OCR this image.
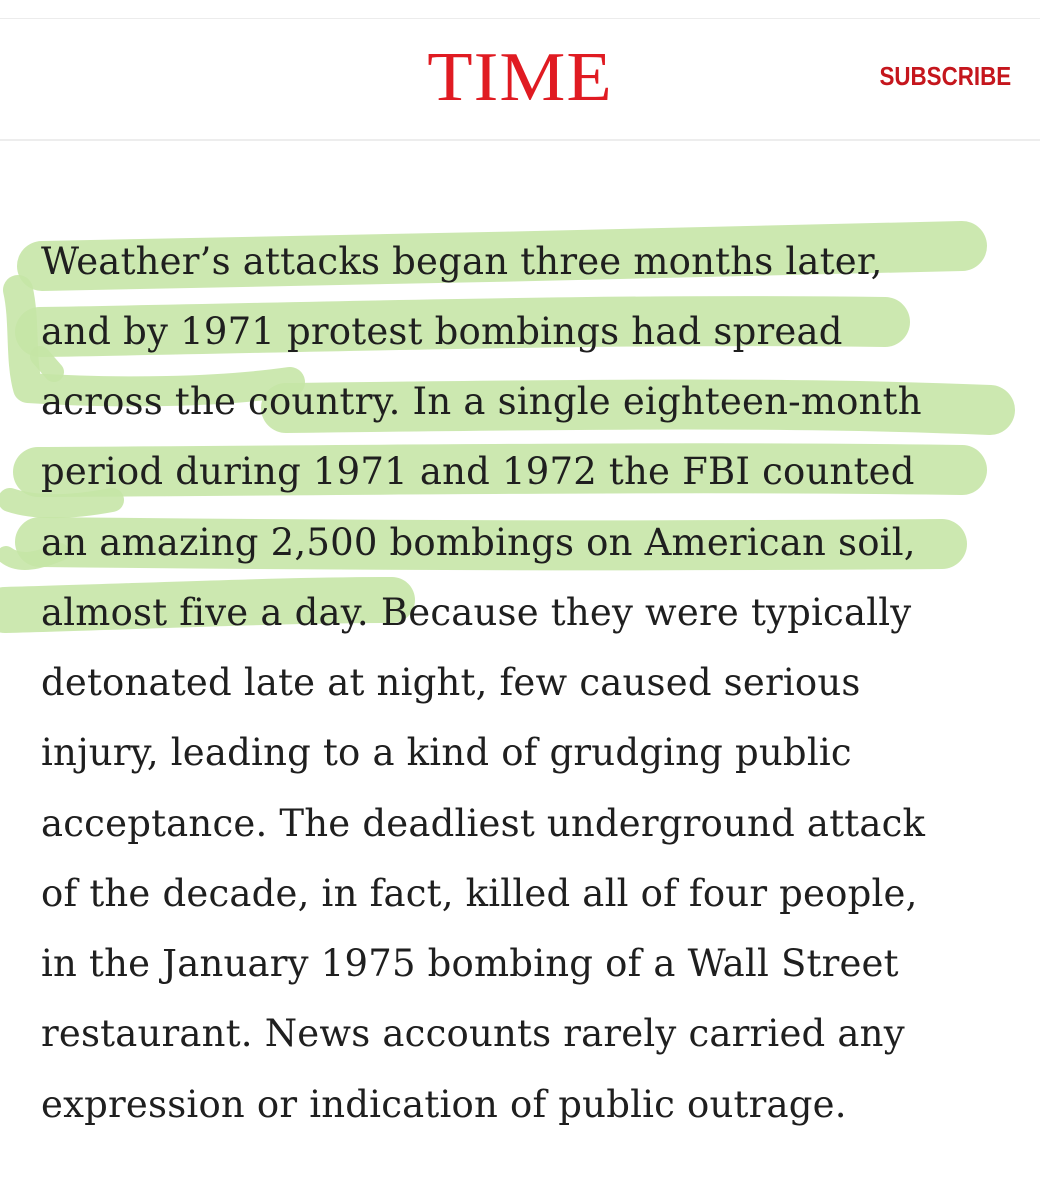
TIME	SUBSCRIBE
Weather’s attacks began three months later,
and by 1971 protest bombings had spread
across the country. In a single eighteen-month
period during 1971 and 1972 the FBI counted
an amazing 2,500 bombings on American soil,
almost five a day. Because they were typically
detonated late at night, few caused serious
injury, leading to a kind of grudging public
acceptance. The deadliest underground attack
of the decade, in fact, killed all of four people,
in the January 1975 bombing of a Wall Street
restaurant. News accounts rarely carried any
expression or indication of public outrage.
